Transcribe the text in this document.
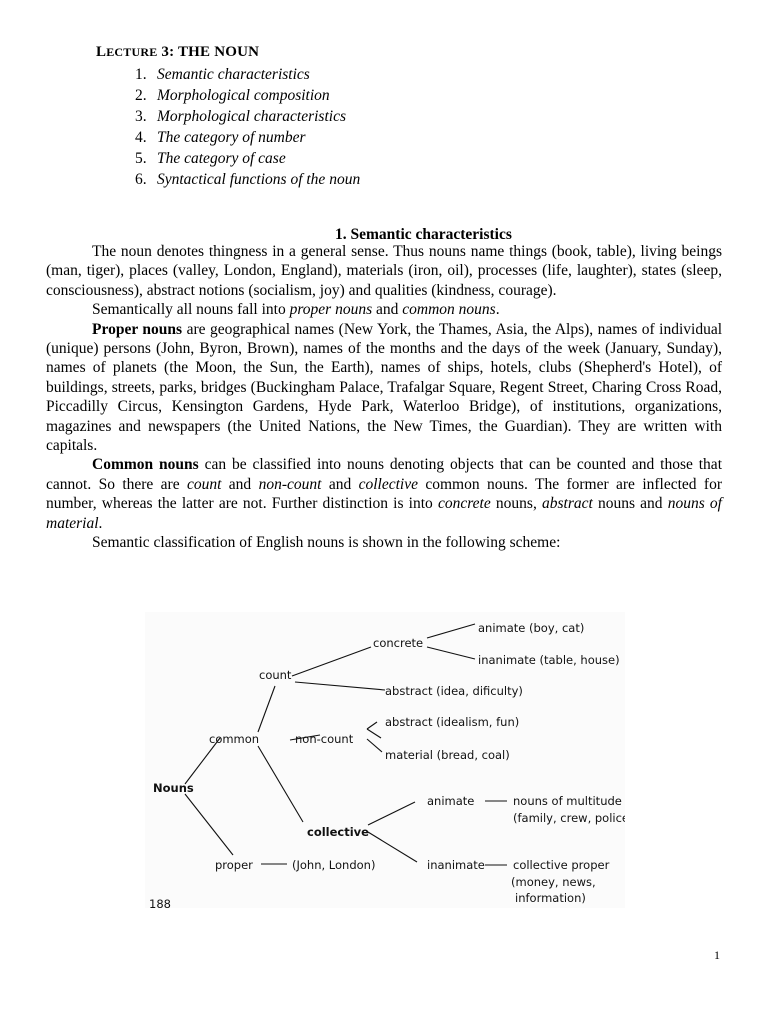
LECTURE 3: THE NOUN
1. Semantic characteristics
2. Morphological composition
3. Morphological characteristics
4. The category of number
5. The category of case
6. Syntactical functions of the noun
1. Semantic characteristics

The noun denotes thingness in a general sense. Thus nouns name things (book, table), living beings (man, tiger), places (valley, London, England), materials (iron, oil), processes (life, laughter), states (sleep, consciousness), abstract notions (socialism, joy) and qualities (kindness, courage).

Semantically all nouns fall into proper nouns and common nouns.

Proper nouns are geographical names (New York, the Thames, Asia, the Alps), names of individual (unique) persons (John, Byron, Brown), names of the months and the days of the week (January, Sunday), names of planets (the Moon, the Sun, the Earth), names of ships, hotels, clubs (Shepherd's Hotel), of buildings, streets, parks, bridges (Buckingham Palace, Trafalgar Square, Regent Street, Charing Cross Road, Piccadilly Circus, Kensington Gardens, Hyde Park, Waterloo Bridge), of institutions, organizations, magazines and newspapers (the United Nations, the New Times, the Guardian). They are written with capitals.

Common nouns can be classified into nouns denoting objects that can be counted and those that cannot. So there are count and non-count and collective common nouns. The former are inflected for number, whereas the latter are not. Further distinction is into concrete nouns, abstract nouns and nouns of material.

Semantic classification of English nouns is shown in the following scheme:

Nouns
common
proper
count
non-count
collective
concrete
animate (boy, cat)
inanimate (table, house)
abstract (idea, dificulty)
abstract (idealism, fun)
material (bread, coal)
animate	nouns of multitude
(family, crew, police)
inanimate collective proper
(money, news,
information)
(John, London)
188
1
